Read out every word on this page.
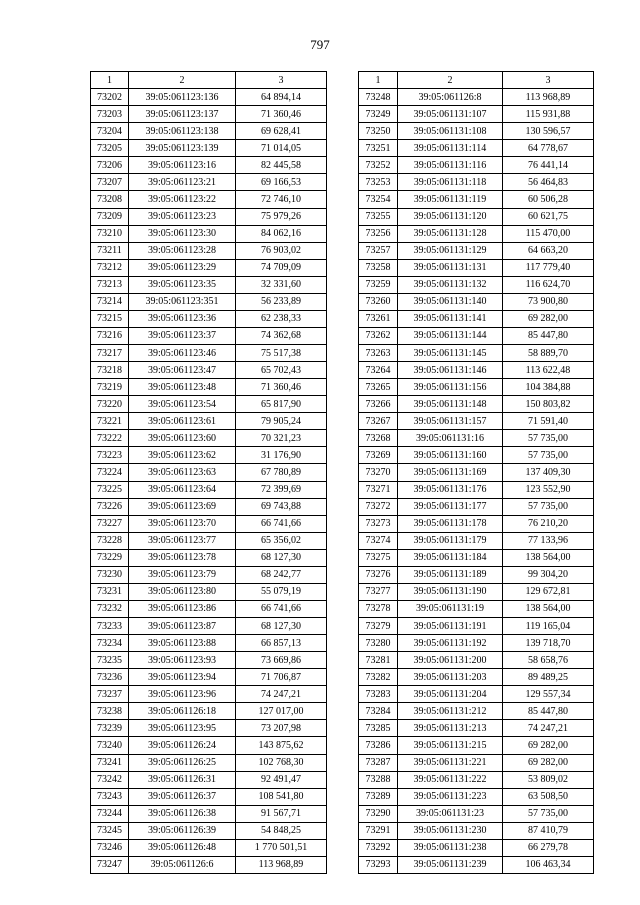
797
1	2	3
73202	39:05:061123:136	64 894,14
73203	39:05:061123:137	71 360,46
73204	39:05:061123:138	69 628,41
73205	39:05:061123:139	71 014,05
73206	39:05:061123:16	82 445,58
73207	39:05:061123:21	69 166,53
73208	39:05:061123:22	72 746,10
73209	39:05:061123:23	75 979,26
73210	39:05:061123:30	84 062,16
73211	39:05:061123:28	76 903,02
73212	39:05:061123:29	74 709,09
73213	39:05:061123:35	32 331,60
73214	39:05:061123:351	56 233,89
73215	39:05:061123:36	62 238,33
73216	39:05:061123:37	74 362,68
73217	39:05:061123:46	75 517,38
73218	39:05:061123:47	65 702,43
73219	39:05:061123:48	71 360,46
73220	39:05:061123:54	65 817,90
73221	39:05:061123:61	79 905,24
73222	39:05:061123:60	70 321,23
73223	39:05:061123:62	31 176,90
73224	39:05:061123:63	67 780,89
73225	39:05:061123:64	72 399,69
73226	39:05:061123:69	69 743,88
73227	39:05:061123:70	66 741,66
73228	39:05:061123:77	65 356,02
73229	39:05:061123:78	68 127,30
73230	39:05:061123:79	68 242,77
73231	39:05:061123:80	55 079,19
73232	39:05:061123:86	66 741,66
73233	39:05:061123:87	68 127,30
73234	39:05:061123:88	66 857,13
73235	39:05:061123:93	73 669,86
73236	39:05:061123:94	71 706,87
73237	39:05:061123:96	74 247,21
73238	39:05:061126:18	127 017,00
73239	39:05:061123:95	73 207,98
73240	39:05:061126:24	143 875,62
73241	39:05:061126:25	102 768,30
73242	39:05:061126:31	92 491,47
73243	39:05:061126:37	108 541,80
73244	39:05:061126:38	91 567,71
73245	39:05:061126:39	54 848,25
73246	39:05:061126:48	1 770 501,51
73247	39:05:061126:6	113 968,89
1	2	3
73248	39:05:061126:8	113 968,89
73249	39:05:061131:107	115 931,88
73250	39:05:061131:108	130 596,57
73251	39:05:061131:114	64 778,67
73252	39:05:061131:116	76 441,14
73253	39:05:061131:118	56 464,83
73254	39:05:061131:119	60 506,28
73255	39:05:061131:120	60 621,75
73256	39:05:061131:128	115 470,00
73257	39:05:061131:129	64 663,20
73258	39:05:061131:131	117 779,40
73259	39:05:061131:132	116 624,70
73260	39:05:061131:140	73 900,80
73261	39:05:061131:141	69 282,00
73262	39:05:061131:144	85 447,80
73263	39:05:061131:145	58 889,70
73264	39:05:061131:146	113 622,48
73265	39:05:061131:156	104 384,88
73266	39:05:061131:148	150 803,82
73267	39:05:061131:157	71 591,40
73268	39:05:061131:16	57 735,00
73269	39:05:061131:160	57 735,00
73270	39:05:061131:169	137 409,30
73271	39:05:061131:176	123 552,90
73272	39:05:061131:177	57 735,00
73273	39:05:061131:178	76 210,20
73274	39:05:061131:179	77 133,96
73275	39:05:061131:184	138 564,00
73276	39:05:061131:189	99 304,20
73277	39:05:061131:190	129 672,81
73278	39:05:061131:19	138 564,00
73279	39:05:061131:191	119 165,04
73280	39:05:061131:192	139 718,70
73281	39:05:061131:200	58 658,76
73282	39:05:061131:203	89 489,25
73283	39:05:061131:204	129 557,34
73284	39:05:061131:212	85 447,80
73285	39:05:061131:213	74 247,21
73286	39:05:061131:215	69 282,00
73287	39:05:061131:221	69 282,00
73288	39:05:061131:222	53 809,02
73289	39:05:061131:223	63 508,50
73290	39:05:061131:23	57 735,00
73291	39:05:061131:230	87 410,79
73292	39:05:061131:238	66 279,78
73293	39:05:061131:239	106 463,34
